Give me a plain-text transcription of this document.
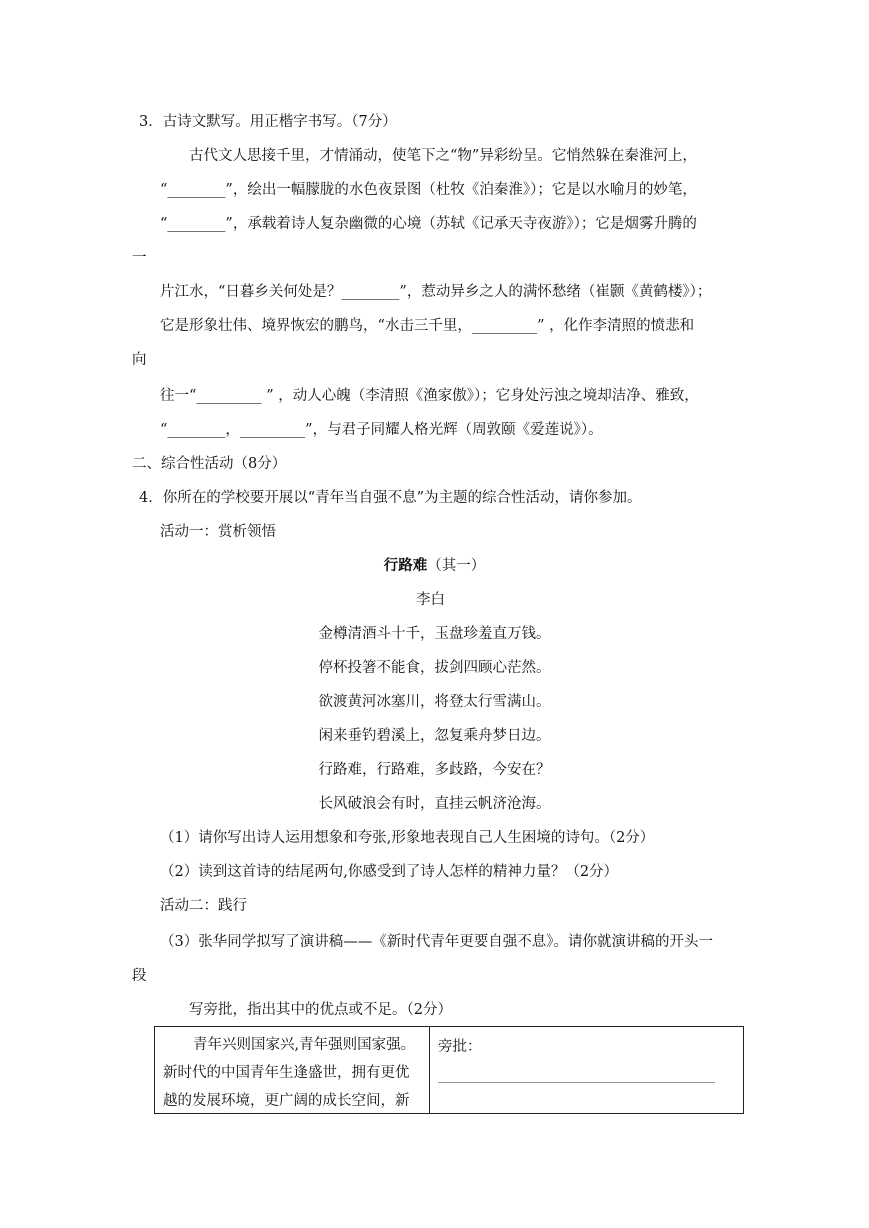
3．古诗文默写。用正楷字书写。（7分）
古代文人思接千里，才情涌动，使笔下之“物”异彩纷呈。它悄然躲在秦淮河上，
“________”，绘出一幅朦胧的水色夜景图（杜牧《泊秦淮》）；它是以水喻月的妙笔，
“________”，承载着诗人复杂幽微的心境（苏轼《记承天寺夜游》）；它是烟雾升腾的
一
片江水，“日暮乡关何处是？________”，惹动异乡之人的满怀愁绪（崔颢《黄鹤楼》）；
它是形象壮伟、境界恢宏的鹏鸟，“水击三千里，_________” ，化作李清照的愤悲和
向
往一“_________ ” ，动人心魄（李清照《渔家傲》）；它身处污浊之境却洁净、雅致，
“________，_________”，与君子同耀人格光辉（周敦颐《爱莲说》）。
二、综合性活动（8分）
4．你所在的学校要开展以“青年当自强不息”为主题的综合性活动，请你参加。
活动一：赏析领悟
行路难（其一）
李白
金樽清酒斗十千，玉盘珍羞直万钱。
停杯投箸不能食，拔剑四顾心茫然。
欲渡黄河冰塞川，将登太行雪满山。
闲来垂钓碧溪上，忽复乘舟梦日边。
行路难，行路难，多歧路，今安在？
长风破浪会有时，直挂云帆济沧海。
（1）请你写出诗人运用想象和夸张,形象地表现自己人生困境的诗句。（2分）
（2）读到这首诗的结尾两句,你感受到了诗人怎样的精神力量？（2分）
活动二：践行
（3）张华同学拟写了演讲稿——《新时代青年更要自强不息》。请你就演讲稿的开头一
段
写旁批，指出其中的优点或不足。（2分）
青年兴则国家兴,青年强则国家强。
新时代的中国青年生逢盛世，拥有更优
越的发展环境，更广阔的成长空间，新
旁批：
